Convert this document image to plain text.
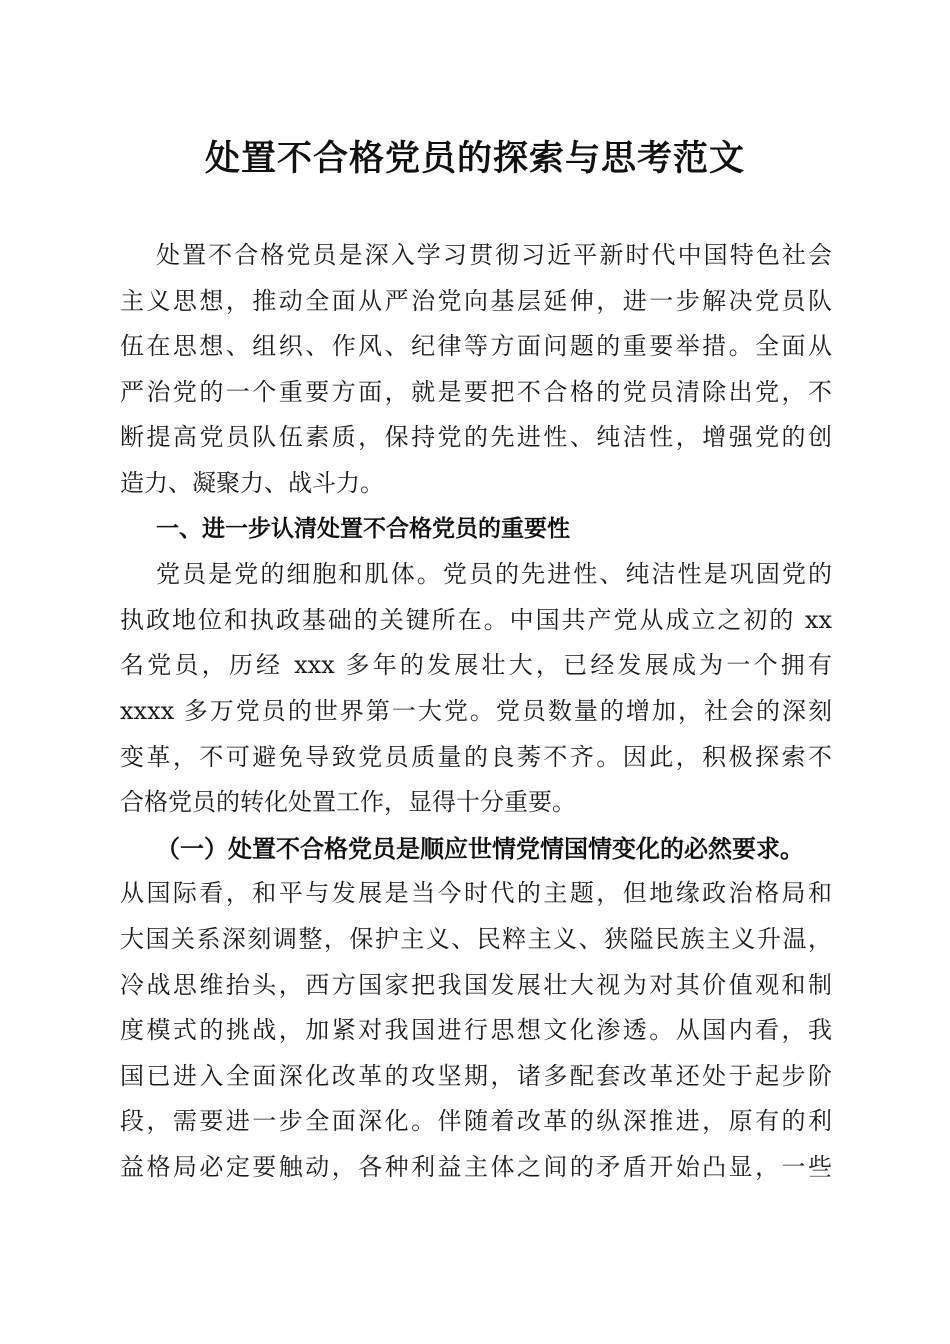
处置不合格党员的探索与思考范文
处置不合格党员是深入学习贯彻习近平新时代中国特色社会
主义思想，推动全面从严治党向基层延伸，进一步解决党员队
伍在思想、组织、作风、纪律等方面问题的重要举措。全面从
严治党的一个重要方面，就是要把不合格的党员清除出党，不
断提高党员队伍素质，保持党的先进性、纯洁性，增强党的创
造力、凝聚力、战斗力。
一、进一步认清处置不合格党员的重要性
党员是党的细胞和肌体。党员的先进性、纯洁性是巩固党的
执政地位和执政基础的关键所在。中国共产党从成立之初的 xx
名党员，历经 xxx 多年的发展壮大，已经发展成为一个拥有
xxxx 多万党员的世界第一大党。党员数量的增加，社会的深刻
变革，不可避免导致党员质量的良莠不齐。因此，积极探索不
合格党员的转化处置工作，显得十分重要。
（一）处置不合格党员是顺应世情党情国情变化的必然要求。
从国际看，和平与发展是当今时代的主题，但地缘政治格局和
大国关系深刻调整，保护主义、民粹主义、狭隘民族主义升温，
冷战思维抬头，西方国家把我国发展壮大视为对其价值观和制
度模式的挑战，加紧对我国进行思想文化渗透。从国内看，我
国已进入全面深化改革的攻坚期，诸多配套改革还处于起步阶
段，需要进一步全面深化。伴随着改革的纵深推进，原有的利
益格局必定要触动，各种利益主体之间的矛盾开始凸显，一些
